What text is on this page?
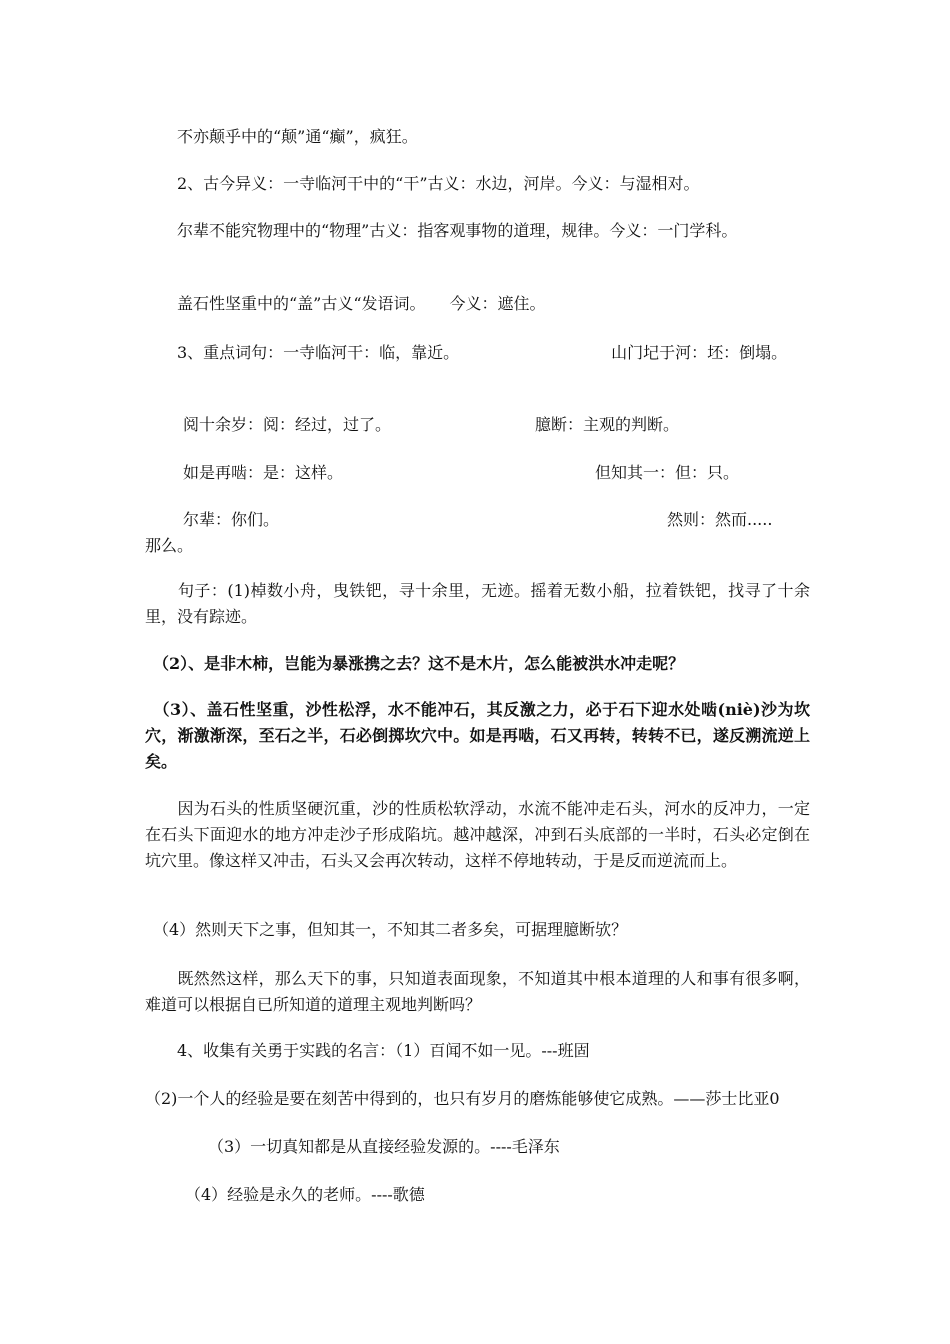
　　不亦颠乎中的“颠”通“癫”，疯狂。

　　2、古今异义：一寺临河干中的“干”古义：水边，河岸。今义：与湿相对。

　　尔辈不能究物理中的“物理”古义：指客观事物的道理，规律。今义：一门学科。

　　盖石性坚重中的“盖”古义“发语词。　　今义：遮住。

　　3、重点词句：一寺临河干：临，靠近。　　　　　　　　　　山门圮于河：坯：倒塌。

阅十余岁：阅：经过，过了。	臆断：主观的判断。
如是再啮：是：这样。	但知其一：但：只。
尔辈：你们。	然则：然而.....
那么。

　　句子：(1)棹数小舟，曳铁钯，寻十余里，无迹。摇着无数小船，拉着铁钯，找寻了十余里，没有踪迹。

　（2）、是非木柿，岂能为暴涨携之去？这不是木片，怎么能被洪水冲走呢？

　（3）、盖石性坚重，沙性松浮，水不能冲石，其反激之力，必于石下迎水处啮(niè)沙为坎穴，渐激渐深，至石之半，石必倒掷坎穴中。如是再啮，石又再转，转转不已，遂反溯流逆上矣。

　　因为石头的性质坚硬沉重，沙的性质松软浮动，水流不能冲走石头，河水的反冲力，一定在石头下面迎水的地方冲走沙子形成陷坑。越冲越深，冲到石头底部的一半时，石头必定倒在坑穴里。像这样又冲击，石头又会再次转动，这样不停地转动，于是反而逆流而上。

　（4）然则天下之事，但知其一，不知其二者多矣，可据理臆断欤？

　　既然然这样，那么天下的事，只知道表面现象，不知道其中根本道理的人和事有很多啊，难道可以根据自已所知道的道理主观地判断吗？

　　4、收集有关勇于实践的名言：（1）百闻不如一见。---班固

（2)一个人的经验是要在刻苦中得到的，也只有岁月的磨炼能够使它成熟。——莎士比亚0

（3）一切真知都是从直接经验发源的。----毛泽东

（4）经验是永久的老师。----歌德
